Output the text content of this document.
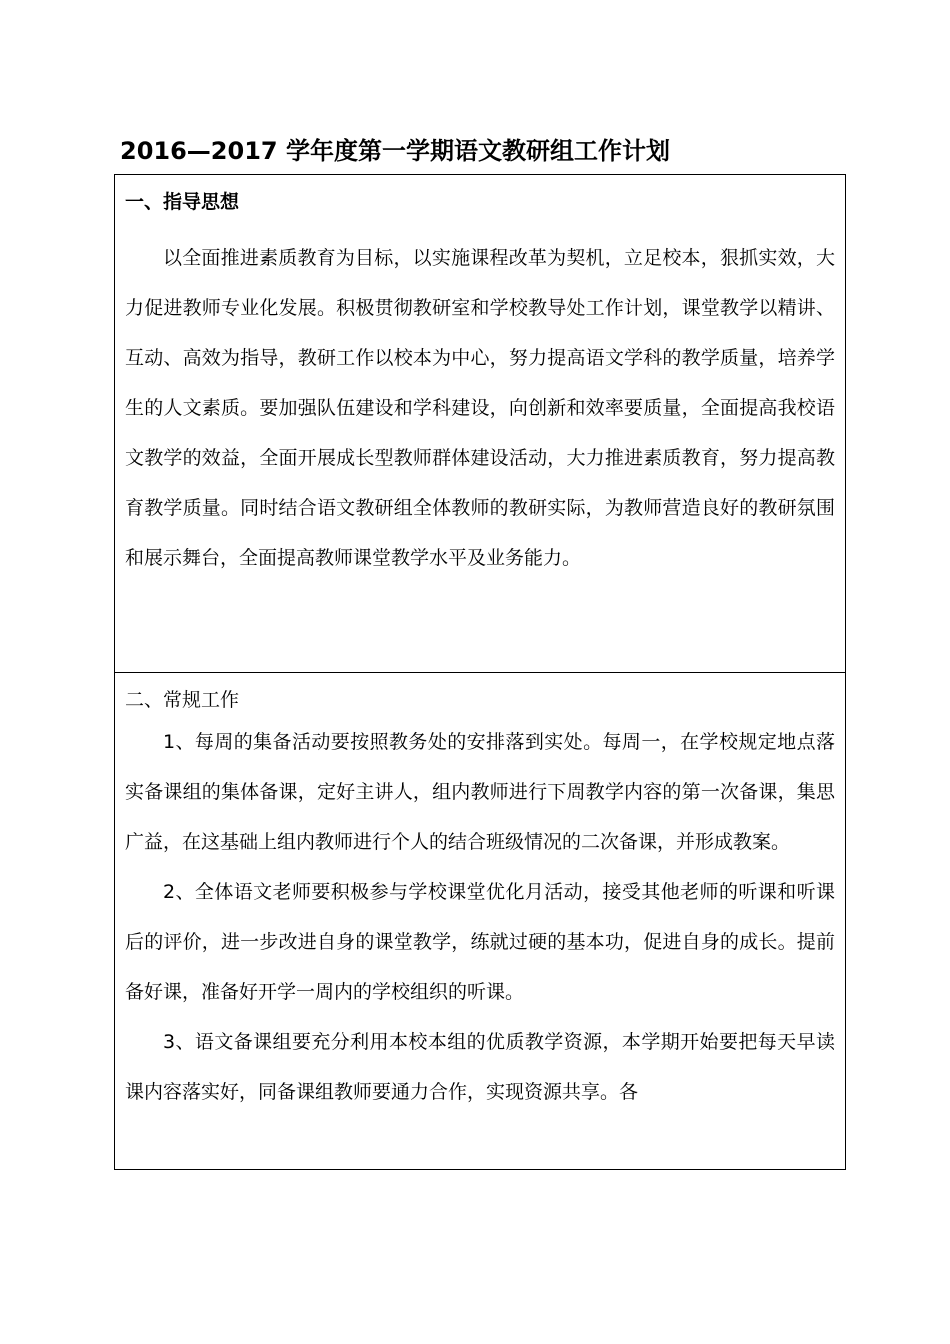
2016—2017 学年度第一学期语文教研组工作计划

一、指导思想

以全面推进素质教育为目标，以实施课程改革为契机，立足校本，狠抓实效，大力促进教师专业化发展。积极贯彻教研室和学校教导处工作计划，课堂教学以精讲、互动、高效为指导，教研工作以校本为中心，努力提高语文学科的教学质量，培养学生的人文素质。要加强队伍建设和学科建设，向创新和效率要质量，全面提高我校语文教学的效益，全面开展成长型教师群体建设活动，大力推进素质教育，努力提高教育教学质量。同时结合语文教研组全体教师的教研实际，为教师营造良好的教研氛围和展示舞台，全面提高教师课堂教学水平及业务能力。

二、常规工作

1、每周的集备活动要按照教务处的安排落到实处。每周一，在学校规定地点落实备课组的集体备课，定好主讲人，组内教师进行下周教学内容的第一次备课，集思广益，在这基础上组内教师进行个人的结合班级情况的二次备课，并形成教案。

2、全体语文老师要积极参与学校课堂优化月活动，接受其他老师的听课和听课后的评价，进一步改进自身的课堂教学，练就过硬的基本功，促进自身的成长。提前备好课，准备好开学一周内的学校组织的听课。

3、语文备课组要充分利用本校本组的优质教学资源，本学期开始要把每天早读课内容落实好，同备课组教师要通力合作，实现资源共享。各
